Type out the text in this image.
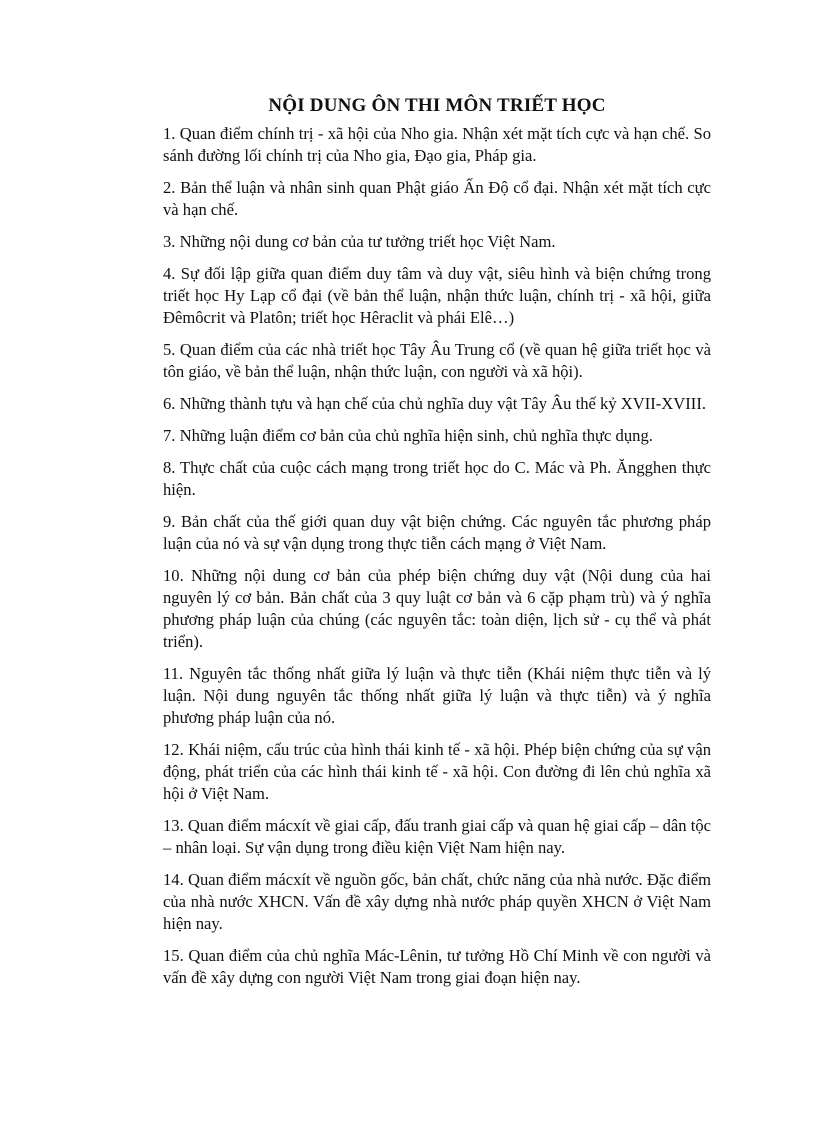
NỘI DUNG ÔN THI MÔN TRIẾT HỌC
1. Quan điểm chính trị - xã hội của Nho gia. Nhận xét mặt tích cực và hạn chế. So sánh đường lối chính trị của Nho gia, Đạo gia, Pháp gia.
2. Bản thể luận và nhân sinh quan Phật giáo Ấn Độ cổ đại. Nhận xét mặt tích cực và hạn chế.
3. Những nội dung cơ bản của tư tưởng triết học Việt Nam.
4. Sự đối lập giữa quan điểm duy tâm và duy vật, siêu hình và biện chứng trong triết học Hy Lạp cổ đại (về bản thể luận, nhận thức luận, chính trị - xã hội, giữa Đêmôcrit và Platôn; triết học Hêraclit và phái Elê…)
5. Quan điểm của các nhà triết học Tây Âu Trung cổ (về quan hệ giữa triết học và tôn giáo, về bản thể luận, nhận thức luận, con người và xã hội).
6. Những thành tựu và hạn chế của chủ nghĩa duy vật Tây Âu thế kỷ XVII-XVIII.
7. Những luận điểm cơ bản của chủ nghĩa hiện sinh, chủ nghĩa thực dụng.
8. Thực chất của cuộc cách mạng trong triết học do C. Mác và Ph. Ăngghen thực hiện.
9. Bản chất của thế giới quan duy vật biện chứng. Các nguyên tắc phương pháp luận của nó và sự vận dụng trong thực tiễn cách mạng ở Việt Nam.
10. Những nội dung cơ bản của phép biện chứng duy vật (Nội dung của hai nguyên lý cơ bản. Bản chất của 3 quy luật cơ bản và 6 cặp phạm trù) và ý nghĩa phương pháp luận của chúng (các nguyên tắc: toàn diện, lịch sử - cụ thể và phát triển).
11. Nguyên tắc thống nhất giữa lý luận và thực tiễn (Khái niệm thực tiễn và lý luận. Nội dung nguyên tắc thống nhất giữa lý luận và thực tiễn) và ý nghĩa phương pháp luận của nó.
12. Khái niệm, cấu trúc của hình thái kinh tế - xã hội. Phép biện chứng của sự vận động, phát triển của các hình thái kinh tế - xã hội. Con đường đi lên chủ nghĩa xã hội ở Việt Nam.
13. Quan điểm mácxít về giai cấp, đấu tranh giai cấp và quan hệ giai cấp – dân tộc – nhân loại. Sự vận dụng trong điều kiện Việt Nam hiện nay.
14. Quan điểm mácxít về nguồn gốc, bản chất, chức năng của nhà nước. Đặc điểm của nhà nước XHCN. Vấn đề xây dựng nhà nước pháp quyền XHCN ở Việt Nam hiện nay.
15. Quan điểm của chủ nghĩa Mác-Lênin, tư tưởng Hồ Chí Minh về con người và vấn đề xây dựng con người Việt Nam trong giai đoạn hiện nay.
